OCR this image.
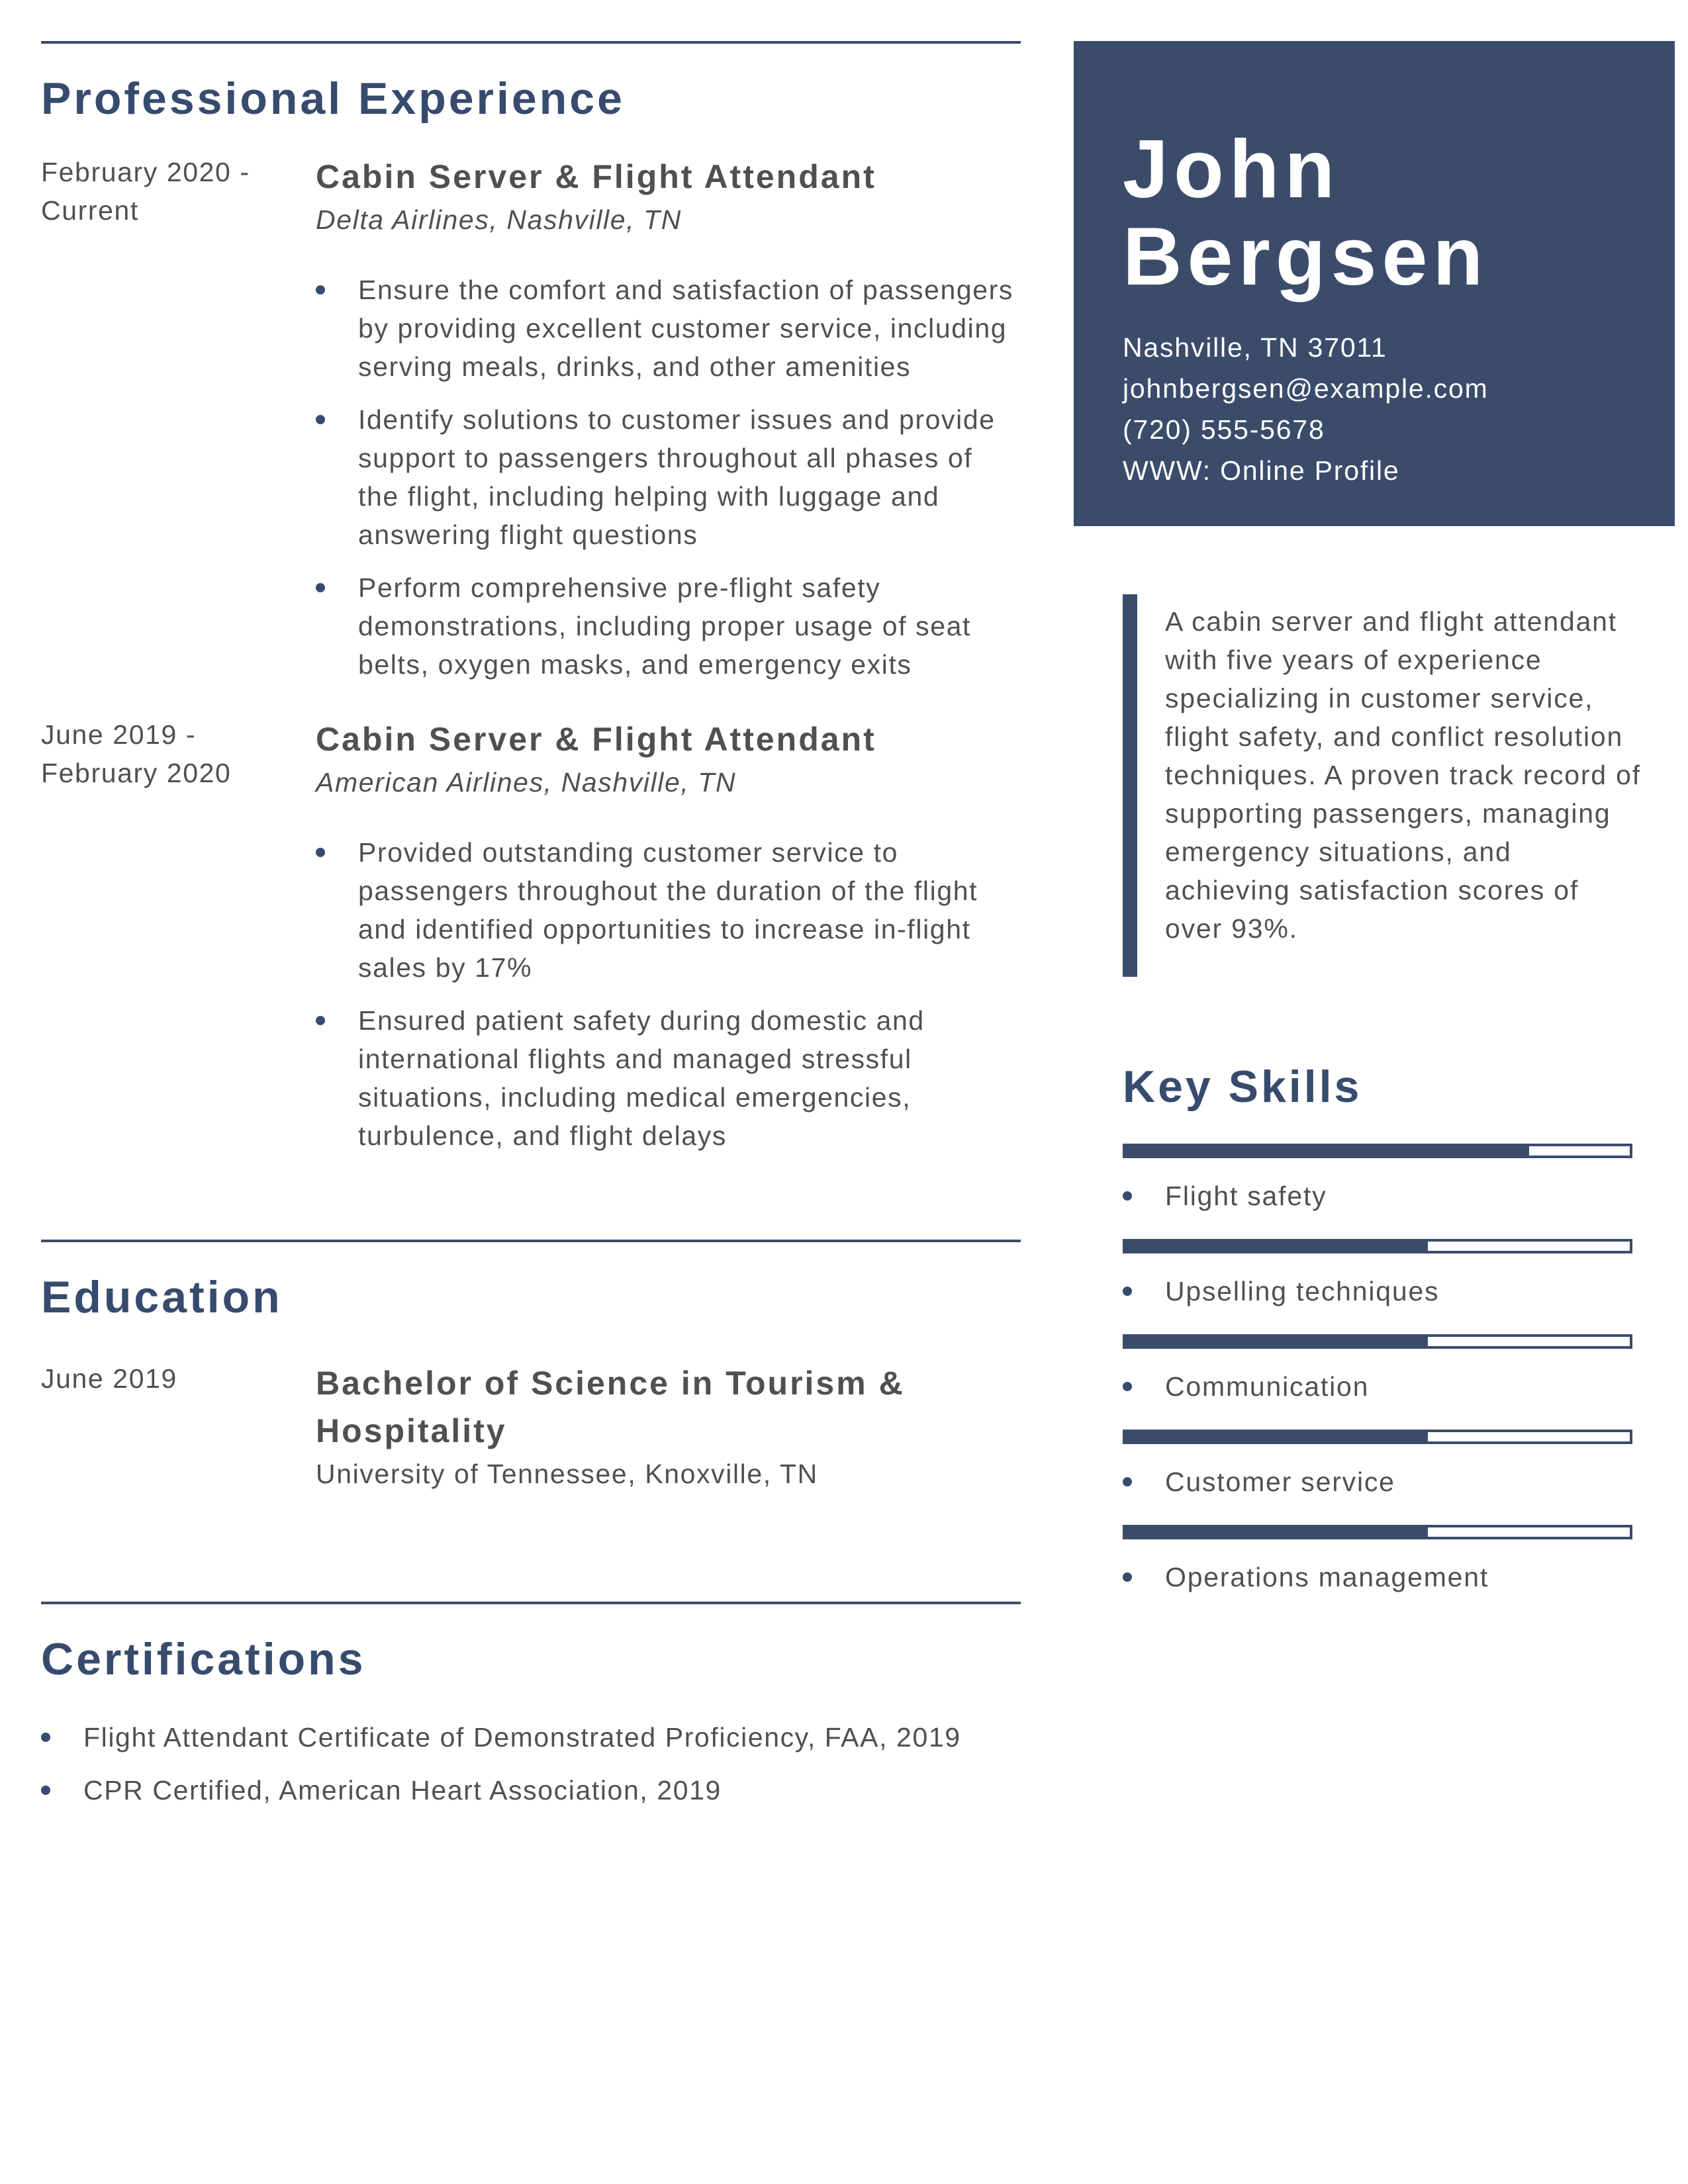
Professional Experience
February 2020 - Current
Cabin Server & Flight Attendant
Delta Airlines, Nashville, TN
Ensure the comfort and satisfaction of passengers by providing excellent customer service, including serving meals, drinks, and other amenities
Identify solutions to customer issues and provide support to passengers throughout all phases of the flight, including helping with luggage and answering flight questions
Perform comprehensive pre-flight safety demonstrations, including proper usage of seat belts, oxygen masks, and emergency exits
June 2019 - February 2020
Cabin Server & Flight Attendant
American Airlines, Nashville, TN
Provided outstanding customer service to passengers throughout the duration of the flight and identified opportunities to increase in-flight sales by 17%
Ensured patient safety during domestic and international flights and managed stressful situations, including medical emergencies, turbulence, and flight delays
Education
June 2019	Bachelor of Science in Tourism & Hospitality
University of Tennessee, Knoxville, TN
Certifications
Flight Attendant Certificate of Demonstrated Proficiency, FAA, 2019
CPR Certified, American Heart Association, 2019
John
Bergsen
Nashville, TN 37011
johnbergsen@example.com
(720) 555-5678
WWW: Online Profile
A cabin server and flight attendant with five years of experience specializing in customer service, flight safety, and conflict resolution techniques. A proven track record of supporting passengers, managing emergency situations, and achieving satisfaction scores of over 93%.
Key Skills
Flight safety
Upselling techniques
Communication
Customer service
Operations management
